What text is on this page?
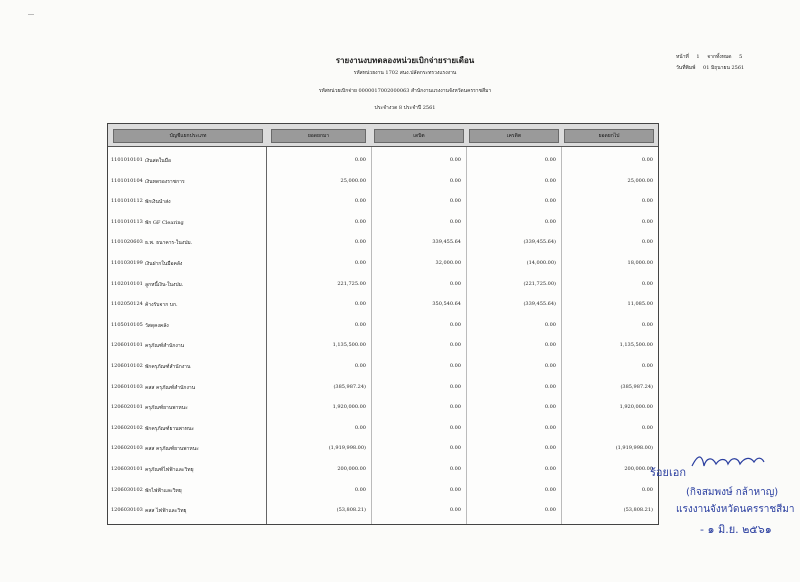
รายงานงบทดลองหน่วยเบิกจ่ายรายเดือน
รหัสหน่วยงาน 1702 สนง.ปลัดกระทรวงแรงงาน
รหัสหน่วยเบิกจ่าย 0000017002000063 สำนักงานแรงงานจังหวัดนครราชสีมา
ประจำงวด 8 ประจำปี 2561
หน้าที่ 1 จากทั้งหมด 5
วันที่พิมพ์ 01 มิถุนายน 2561
บัญชีแยกประเภท	ยอดยกมา	เดบิต	เครดิต	ยอดยกไป
1101010101 เงินสดในมือ	0.00	0.00	0.00	0.00
1101010104 เงินทดรองราชการ	25,000.00	0.00	0.00	25,000.00
1101010112 พักเงินนำส่ง	0.00	0.00	0.00	0.00
1101010113 พัก GF Clearing	0.00	0.00	0.00	0.00
1101020603 ธ.พ. ธนาคาร-ในงปม.	0.00	339,455.64	(339,455.64)	0.00
1101030199 เงินฝากในมือคลัง	0.00	32,000.00	(14,000.00)	18,000.00
1102010101 ลูกหนี้เงิน-ในงปม.	221,725.00	0.00	(221,725.00)	0.00
1102050124 ค้างรับจาก บก.	0.00	350,540.64	(339,455.64)	11,085.00
1105010105 วัสดุคงคลัง	0.00	0.00	0.00	0.00
1206010101 ครุภัณฑ์สำนักงาน	1,135,500.00	0.00	0.00	1,135,500.00
1206010102 พักครุภัณฑ์สำนักงาน	0.00	0.00	0.00	0.00
1206010103 คสส ครุภัณฑ์สำนักงาน	(385,987.24)	0.00	0.00	(385,987.24)
1206020101 ครุภัณฑ์ยานพาหนะ	1,920,000.00	0.00	0.00	1,920,000.00
1206020102 พักครุภัณฑ์ยานพาหนะ	0.00	0.00	0.00	0.00
1206020103 คสส ครุภัณฑ์ยานพาหนะ	(1,919,998.00)	0.00	0.00	(1,919,998.00)
1206030101 ครุภัณฑ์ไฟฟ้าและวิทยุ	200,000.00	0.00	0.00	200,000.00
1206030102 พักไฟฟ้าและวิทยุ	0.00	0.00	0.00	0.00
1206030103 คสส ไฟฟ้าและวิทยุ	(53,808.21)	0.00	0.00	(53,808.21)
ร้อยเอก
(กิจสมพงษ์ กล้าหาญ)
แรงงานจังหวัดนครราชสีมา
- ๑ มิ.ย. ๒๕๖๑
